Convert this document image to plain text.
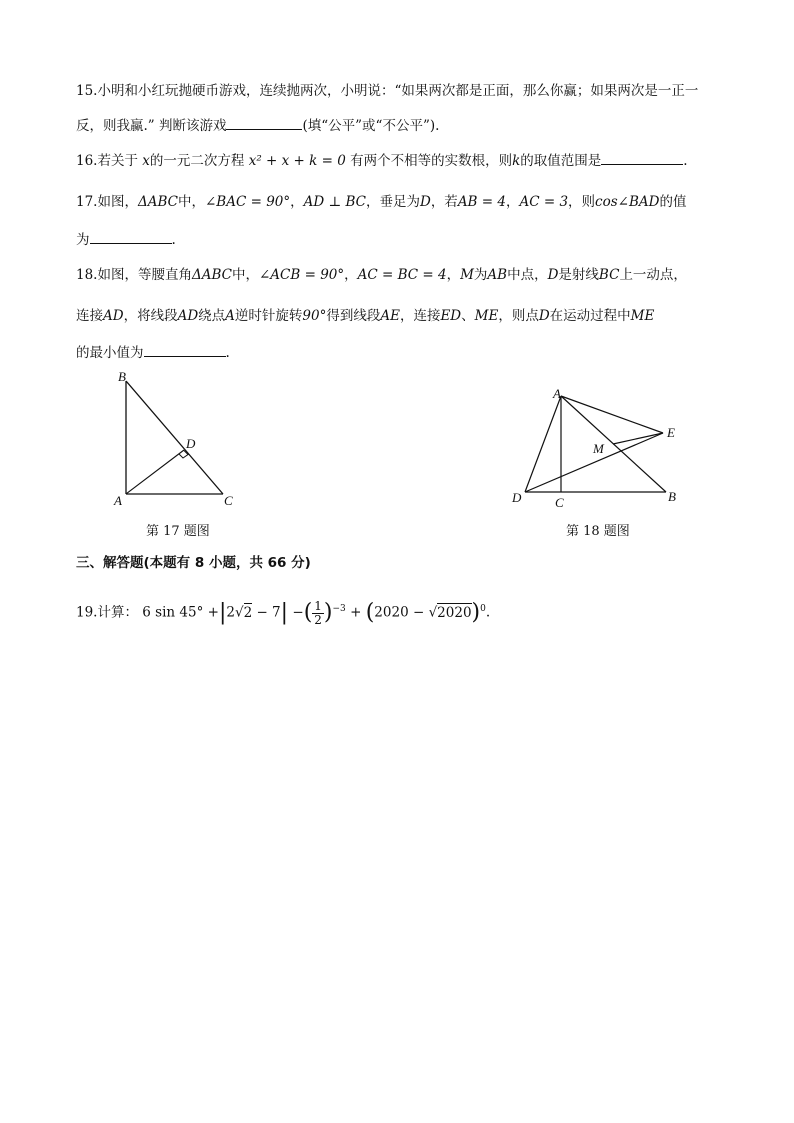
15.小明和小红玩抛硬币游戏，连续抛两次，小明说：“如果两次都是正面，那么你赢；如果两次是一正一
反，则我赢.” 判断该游戏	(填“公平”或“不公平”).
16.若关于 x的一元二次方程 x² + x + k = 0 有两个不相等的实数根，则k的取值范围是	.
17.如图，ΔABC中，∠BAC = 90°，AD ⊥ BC，垂足为D，若AB = 4，AC = 3，则cos∠BAD的值
为	.
18.如图，等腰直角ΔABC中，∠ACB = 90°，AC = BC = 4，M为AB中点，D是射线BC上一动点，
连接AD，将线段AD绕点A逆时针旋转90°得到线段AE，连接ED、ME，则点D在运动过程中ME
的最小值为	.
B
D
A	C
第 17 题图
A
E
M
D	C	B
第 18 题图
三、解答题(本题有 8 小题，共 66 分)
19.计算： 6 sin 45° +|2√2 − 7| −( $\frac{1}{2} )^{-3} + (2020 - √2020)^0$.
